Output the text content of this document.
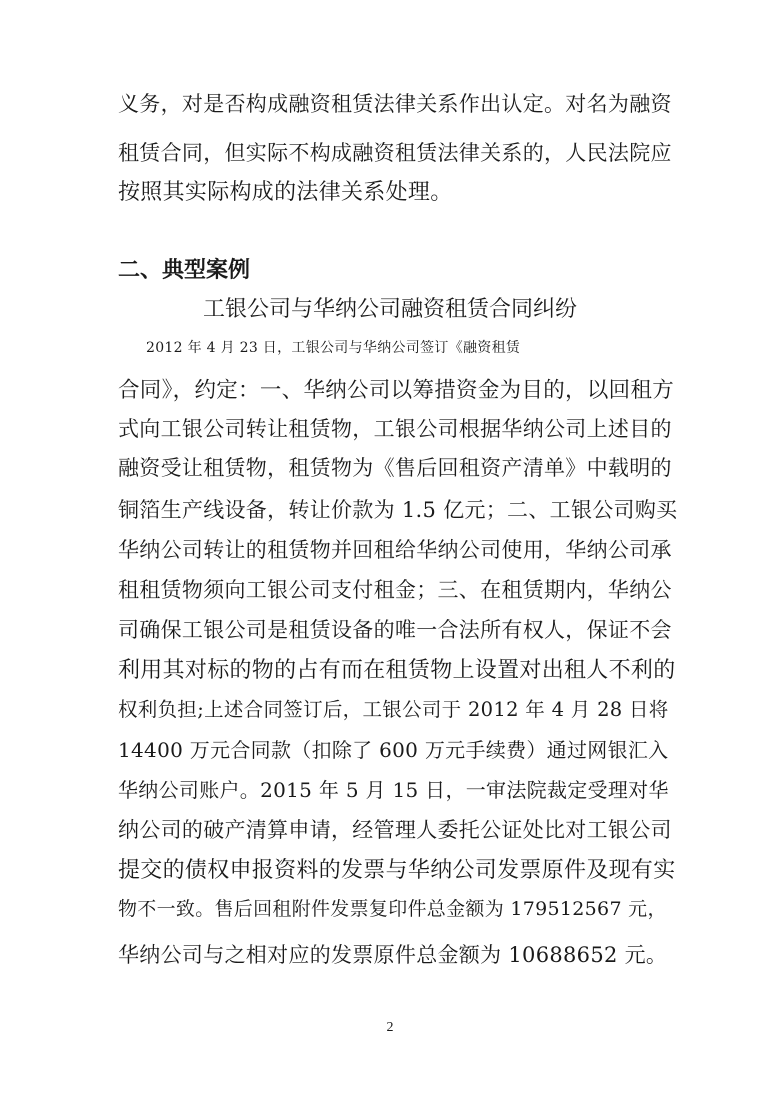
义务，对是否构成融资租赁法律关系作出认定。对名为融资
租赁合同，但实际不构成融资租赁法律关系的，人民法院应
按照其实际构成的法律关系处理。
二、典型案例
工银公司与华纳公司融资租赁合同纠纷
2012 年 4 月 23 日，工银公司与华纳公司签订《融资租赁
合同》，约定：一、华纳公司以筹措资金为目的，以回租方
式向工银公司转让租赁物，工银公司根据华纳公司上述目的
融资受让租赁物，租赁物为《售后回租资产清单》中载明的
铜箔生产线设备，转让价款为 1.5 亿元；二、工银公司购买
华纳公司转让的租赁物并回租给华纳公司使用，华纳公司承
租租赁物须向工银公司支付租金；三、在租赁期内，华纳公
司确保工银公司是租赁设备的唯一合法所有权人，保证不会
利用其对标的物的占有而在租赁物上设置对出租人不利的
权利负担;上述合同签订后，工银公司于 2012 年 4 月 28 日将
14400 万元合同款（扣除了 600 万元手续费）通过网银汇入
华纳公司账户。2015 年 5 月 15 日，一审法院裁定受理对华
纳公司的破产清算申请，经管理人委托公证处比对工银公司
提交的债权申报资料的发票与华纳公司发票原件及现有实
物不一致。售后回租附件发票复印件总金额为 179512567 元，
华纳公司与之相对应的发票原件总金额为 10688652 元。
2
